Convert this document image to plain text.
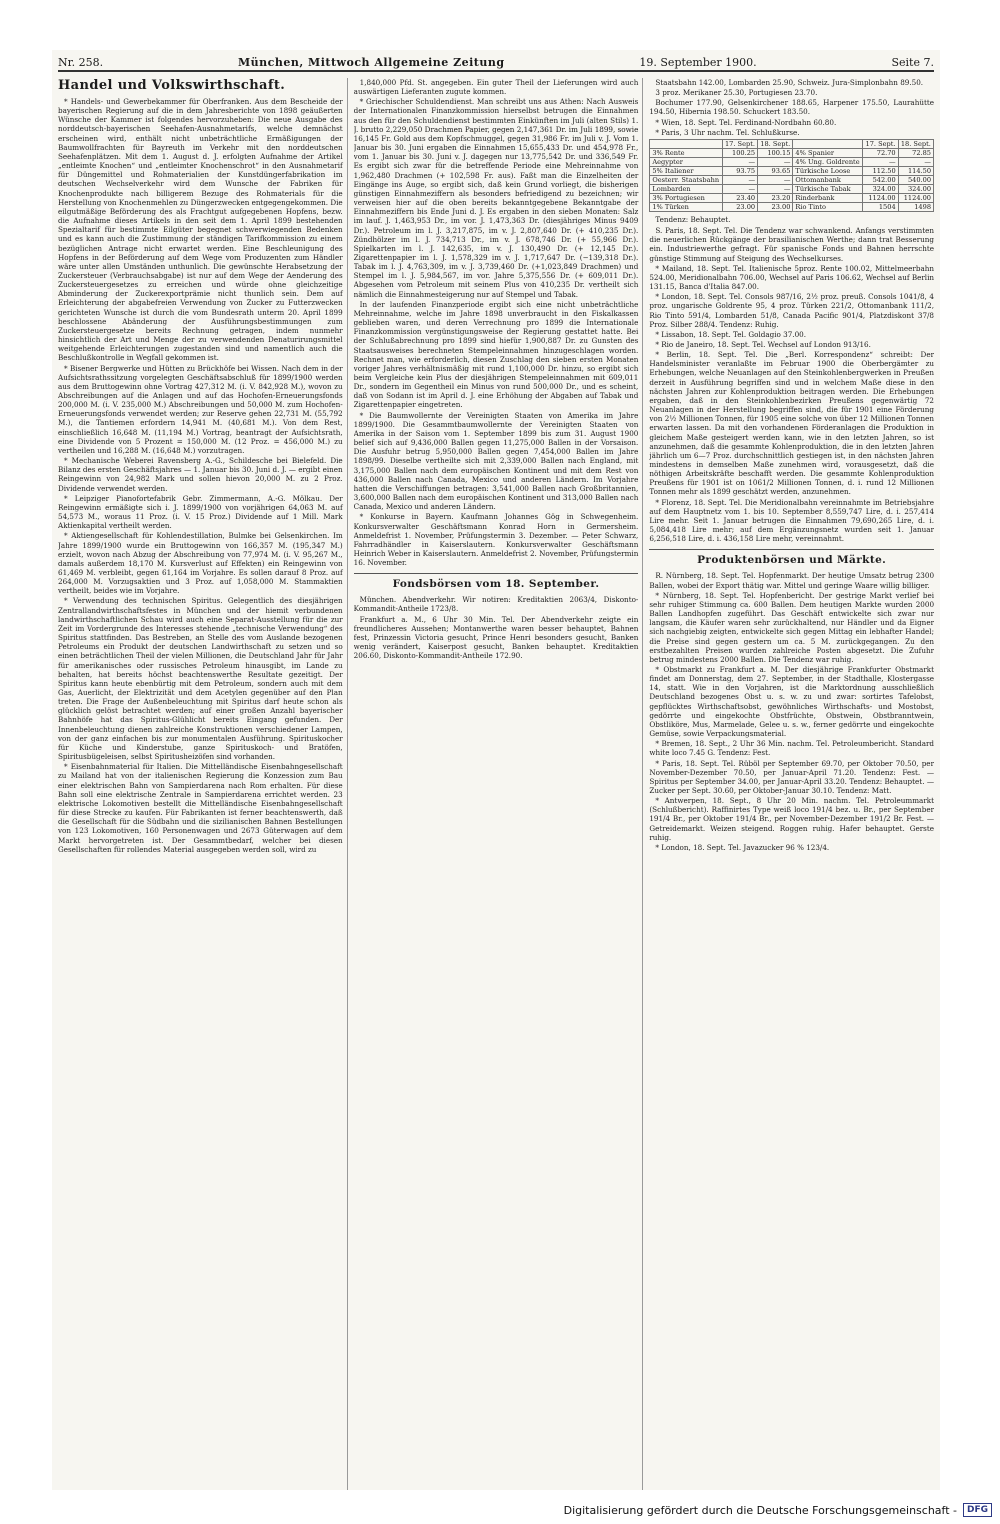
Nr. 258.	München, Mittwoch Allgemeine Zeitung	19. September 1900.	Seite 7.
Handel und Volkswirthschaft.

* Handels- und Gewerbekammer für Oberfranken. Aus dem Bescheide der bayerischen Regierung auf die in dem Jahresberichte von 1898 geäußerten Wünsche der Kammer ist folgendes hervorzuheben: Die neue Ausgabe des norddeutsch-bayerischen Seehafen-Ausnahmetarifs, welche demnächst erscheinen wird, enthält nicht unbeträchtliche Ermäßigungen der Baumwollfrachten für Bayreuth im Verkehr mit den norddeutschen Seehafenplätzen. Mit dem 1. August d. J. erfolgten Aufnahme der Artikel „entleimte Knochen“ und „entleimter Knochenschrot“ in den Ausnahmetarif für Düngemittel und Rohmaterialien der Kunstdüngerfabrikation im deutschen Wechselverkehr wird dem Wunsche der Fabriken für Knochenprodukte nach billigerem Bezuge des Rohmaterials für die Herstellung von Knochenmehlen zu Düngerzwecken entgegengekommen. Die eilgutmäßige Beförderung des als Frachtgut aufgegebenen Hopfens, bezw. die Aufnahme dieses Artikels in den seit dem 1. April 1899 bestehenden Spezialtarif für bestimmte Eilgüter begegnet schwerwiegenden Bedenken und es kann auch die Zustimmung der ständigen Tarifkommission zu einem bezüglichen Antrage nicht erwartet werden. Eine Beschleunigung des Hopfens in der Beförderung auf dem Wege vom Produzenten zum Händler wäre unter allen Umständen unthunlich. Die gewünschte Herabsetzung der Zuckersteuer (Verbrauchsabgabe) ist nur auf dem Wege der Aenderung des Zuckersteuergesetzes zu erreichen und würde ohne gleichzeitige Abminderung der Zuckerexportprämie nicht thunlich sein. Dem auf Erleichterung der abgabefreien Verwendung von Zucker zu Futterzwecken gerichteten Wunsche ist durch die vom Bundesrath unterm 20. April 1899 beschlossene Abänderung der Ausführungsbestimmungen zum Zuckersteuergesetze bereits Rechnung getragen, indem nunmehr hinsichtlich der Art und Menge der zu verwendenden Denaturirungsmittel weitgehende Erleichterungen zugestanden sind und namentlich auch die Beschlußkontrolle in Wegfall gekommen ist.

* Bisener Bergwerke und Hütten zu Brückhöfe bei Wissen. Nach dem in der Aufsichtsrathssitzung vorgelegten Geschäftsabschluß für 1899/1900 werden aus dem Bruttogewinn ohne Vortrag 427,312 M. (i. V. 842,928 M.), wovon zu Abschreibungen auf die Anlagen und auf das Hochofen-Erneuerungsfonds 200,000 M. (i. V. 235,000 M.) Abschreibungen und 50,000 M. zum Hochofen-Erneuerungsfonds verwendet werden; zur Reserve gehen 22,731 M. (55,792 M.), die Tantiemen erfordern 14,941 M. (40,681 M.). Von dem Rest, einschließlich 16,648 M. (11,194 M.) Vortrag, beantragt der Aufsichtsrath, eine Dividende von 5 Prozent = 150,000 M. (12 Proz. = 456,000 M.) zu vertheilen und 16,288 M. (16,648 M.) vorzutragen.

* Mechanische Weberei Ravensberg A.-G., Schildesche bei Bielefeld. Die Bilanz des ersten Geschäftsjahres — 1. Januar bis 30. Juni d. J. — ergibt einen Reingewinn von 24,982 Mark und sollen hievon 20,000 M. zu 2 Proz. Dividende verwendet werden.

* Leipziger Pianofortefabrik Gebr. Zimmermann, A.-G. Mölkau. Der Reingewinn ermäßigte sich i. J. 1899/1900 von vorjährigen 64,063 M. auf 54,573 M., woraus 11 Proz. (i. V. 15 Proz.) Dividende auf 1 Mill. Mark Aktienkapital vertheilt werden.

* Aktiengesellschaft für Kohlendestillation, Bulmke bei Gelsenkirchen. Im Jahre 1899/1900 wurde ein Bruttogewinn von 166,357 M. (195,347 M.) erzielt, wovon nach Abzug der Abschreibung von 77,974 M. (i. V. 95,267 M., damals außerdem 18,170 M. Kursverlust auf Effekten) ein Reingewinn von 61,469 M. verbleibt, gegen 61,164 im Vorjahre. Es sollen darauf 8 Proz. auf 264,000 M. Vorzugsaktien und 3 Proz. auf 1,058,000 M. Stammaktien vertheilt, beides wie im Vorjahre.

* Verwendung des technischen Spiritus. Gelegentlich des diesjährigen Zentrallandwirthschaftsfestes in München und der hiemit verbundenen landwirthschaftlichen Schau wird auch eine Separat-Ausstellung für die zur Zeit im Vordergrunde des Interesses stehende „technische Verwendung“ des Spiritus stattfinden. Das Bestreben, an Stelle des vom Auslande bezogenen Petroleums ein Produkt der deutschen Landwirthschaft zu setzen und so einen beträchtlichen Theil der vielen Millionen, die Deutschland Jahr für Jahr für amerikanisches oder russisches Petroleum hinausgibt, im Lande zu behalten, hat bereits höchst beachtenswerthe Resultate gezeitigt. Der Spiritus kann heute ebenbürtig mit dem Petroleum, sondern auch mit dem Gas, Auerlicht, der Elektrizität und dem Acetylen gegenüber auf den Plan treten. Die Frage der Außenbeleuchtung mit Spiritus darf heute schon als glücklich gelöst betrachtet werden; auf einer großen Anzahl bayerischer Bahnhöfe hat das Spiritus-Glühlicht bereits Eingang gefunden. Der Innenbeleuchtung dienen zahlreiche Konstruktionen verschiedener Lampen, von der ganz einfachen bis zur monumentalen Ausführung. Spirituskocher für Küche und Kinderstube, ganze Spirituskoch- und Bratöfen, Spiritusbügeleisen, selbst Spiritusheizöfen sind vorhanden.

* Eisenbahnmaterial für Italien. Die Mittelländische Eisenbahngesellschaft zu Mailand hat von der italienischen Regierung die Konzession zum Bau einer elektrischen Bahn von Sampierdarena nach Rom erhalten. Für diese Bahn soll eine elektrische Zentrale in Sampierdarena errichtet werden. 23 elektrische Lokomotiven bestellt die Mittelländische Eisenbahngesellschaft für diese Strecke zu kaufen. Für Fabrikanten ist ferner beachtenswerth, daß die Gesellschaft für die Südbahn und die sizilianischen Bahnen Bestellungen von 123 Lokomotiven, 160 Personenwagen und 2673 Güterwagen auf dem Markt hervorgetreten ist. Der Gesammtbedarf, welcher bei diesen Gesellschaften für rollendes Material ausgegeben werden soll, wird zu

1,840,000 Pfd. St. angegeben. Ein guter Theil der Lieferungen wird auch auswärtigen Lieferanten zugute kommen.

* Griechischer Schuldendienst. Man schreibt uns aus Athen: Nach Ausweis der Internationalen Finanzkommission hierselbst betrugen die Einnahmen aus den für den Schuldendienst bestimmten Einkünften im Juli (alten Stils) 1. J. brutto 2,229,050 Drachmen Papier, gegen 2,147,361 Dr. im Juli 1899, sowie 16,145 Fr. Gold aus dem Kopfschmuggel, gegen 31,986 Fr. im Juli v. J. Vom 1. Januar bis 30. Juni ergaben die Einnahmen 15,655,433 Dr. und 454,978 Fr., vom 1. Januar bis 30. Juni v. J. dagegen nur 13,775,542 Dr. und 336,549 Fr. Es ergibt sich zwar für die betreffende Periode eine Mehreinnahme von 1,962,480 Drachmen (+ 102,598 Fr. aus). Faßt man die Einzelheiten der Eingänge ins Auge, so ergibt sich, daß kein Grund vorliegt, die bisherigen günstigen Einnahmeziffern als besonders befriedigend zu bezeichnen; wir verweisen hier auf die oben bereits bekanntgegebene Bekanntgabe der Einnahmeziffern bis Ende Juni d. J. Es ergaben in den sieben Monaten: Salz im lauf. J. 1,463,953 Dr., im vor. J. 1,473,363 Dr. (diesjähriges Minus 9409 Dr.). Petroleum im l. J. 3,217,875, im v. J. 2,807,640 Dr. (+ 410,235 Dr.). Zündhölzer im l. J. 734,713 Dr., im v. J. 678,746 Dr. (+ 55,966 Dr.). Spielkarten im l. J. 142,635, im v. J. 130,490 Dr. (+ 12,145 Dr.). Zigarettenpapier im l. J. 1,578,329 im v. J. 1,717,647 Dr. (−139,318 Dr.). Tabak im l. J. 4,763,309, im v. J. 3,739,460 Dr. (+1,023,849 Drachmen) und Stempel im l. J. 5,984,567, im vor. Jahre 5,375,556 Dr. (+ 609,011 Dr.). Abgesehen vom Petroleum mit seinem Plus von 410,235 Dr. vertheilt sich nämlich die Einnahmesteigerung nur auf Stempel und Tabak.

In der laufenden Finanzperiode ergibt sich eine nicht unbeträchtliche Mehreinnahme, welche im Jahre 1898 unverbraucht in den Fiskalkassen geblieben waren, und deren Verrechnung pro 1899 die Internationale Finanzkommission vergünstigungsweise der Regierung gestattet hatte. Bei der Schlußabrechnung pro 1899 sind hiefür 1,900,887 Dr. zu Gunsten des Staatsausweises berechneten Stempeleinnahmen hinzugeschlagen worden. Rechnet man, wie erforderlich, diesen Zuschlag den sieben ersten Monaten voriger Jahres verhältnismäßig mit rund 1,100,000 Dr. hinzu, so ergibt sich beim Vergleiche kein Plus der diesjährigen Stempeleinnahmen mit 609,011 Dr., sondern im Gegentheil ein Minus von rund 500,000 Dr., und es scheint, daß von Sodann ist im April d. J. eine Erhöhung der Abgaben auf Tabak und Zigarettenpapier eingetreten.

* Die Baumwollernte der Vereinigten Staaten von Amerika im Jahre 1899/1900. Die Gesammtbaumwollernte der Vereinigten Staaten von Amerika in der Saison vom 1. September 1899 bis zum 31. August 1900 belief sich auf 9,436,000 Ballen gegen 11,275,000 Ballen in der Vorsaison. Die Ausfuhr betrug 5,950,000 Ballen gegen 7,454,000 Ballen im Jahre 1898/99. Dieselbe vertheilte sich mit 2,339,000 Ballen nach England, mit 3,175,000 Ballen nach dem europäischen Kontinent und mit dem Rest von 436,000 Ballen nach Canada, Mexico und anderen Ländern. Im Vorjahre hatten die Verschiffungen betragen: 3,541,000 Ballen nach Großbritannien, 3,600,000 Ballen nach dem europäischen Kontinent und 313,000 Ballen nach Canada, Mexico und anderen Ländern.

* Konkurse in Bayern. Kaufmann Johannes Gög in Schwegenheim. Konkursverwalter Geschäftsmann Konrad Horn in Germersheim. Anmeldefrist 1. November, Prüfungstermin 3. Dezember. — Peter Schwarz, Fahrradhändler in Kaiserslautern. Konkursverwalter Geschäftsmann Heinrich Weber in Kaiserslautern. Anmeldefrist 2. November, Prüfungstermin 16. November.

Fondsbörsen vom 18. September.

München. Abendverkehr. Wir notiren: Kreditaktien 2063/4, Diskonto-Kommandit-Antheile 1723/8.

Frankfurt a. M., 6 Uhr 30 Min. Tel. Der Abendverkehr zeigte ein freundlicheres Aussehen; Montanwerthe waren besser behauptet, Bahnen fest, Prinzessin Victoria gesucht, Prince Henri besonders gesucht, Banken wenig verändert, Kaiserpost gesucht, Banken behauptet. Kreditaktien 206.60, Diskonto-Kommandit-Antheile 172.90.

Staatsbahn 142.00, Lombarden 25.90, Schweiz. Jura-Simplonbahn 89.50.

3 proz. Merikaner 25.30, Portugiesen 23.70.

Bochumer 177.90, Gelsenkirchener 188.65, Harpener 175.50, Laurahütte 194.50, Hibernia 198.50. Schuckert 183.50.

* Wien, 18. Sept. Tel. Ferdinand-Nordbahn 60.80.

* Paris, 3 Uhr nachm. Tel. Schlußkurse.

	17. Sept.	18. Sept.		17. Sept.	18. Sept.
3% Rente	100.25	100.15	4% Spanier	72.70	72.85
Aegypter	—	—	4% Ung. Goldrente	—	—
5% Italiener	93.75	93.65	Türkische Loose	112.50	114.50
Oesterr. Staatsbahn	—	—	Ottomanbank	542.00	540.00
Lombarden	—	—	Türkische Tabak	324.00	324.00
3% Portugiesen	23.40	23.20	Rinderbank	1124.00	1124.00
1% Türken	23.00	23.00	Rio Tinto	1504	1498

Tendenz: Behauptet.

S. Paris, 18. Sept. Tel. Die Tendenz war schwankend. Anfangs verstimmten die neuerlichen Rückgänge der brasilianischen Werthe; dann trat Besserung ein. Industriewerthe gefragt. Für spanische Fonds und Bahnen herrschte günstige Stimmung auf Steigung des Wechselkurses.

* Mailand, 18. Sept. Tel. Italienische 5proz. Rente 100.02, Mittelmeerbahn 524.00, Meridionalbahn 706.00, Wechsel auf Paris 106.62, Wechsel auf Berlin 131.15, Banca d'Italia 847.00.

* London, 18. Sept. Tel. Consols 987/16, 2½ proz. preuß. Consols 1041/8, 4 proz. ungarische Goldrente 95, 4 proz. Türken 221/2, Ottomanbank 111/2, Rio Tinto 591/4, Lombarden 51/8, Canada Pacific 901/4, Platzdiskont 37/8 Proz. Silber 288/4. Tendenz: Ruhig.

* Lissabon, 18. Sept. Tel. Goldagio 37.00.

* Rio de Janeiro, 18. Sept. Tel. Wechsel auf London 913/16.

* Berlin, 18. Sept. Tel. Die „Berl. Korrespondenz“ schreibt: Der Handelsminister veranlaßte im Februar 1900 die Oberbergämter zu Erhebungen, welche Neuanlagen auf den Steinkohlenbergwerken in Preußen derzeit in Ausführung begriffen sind und in welchem Maße diese in den nächsten Jahren zur Kohlenproduktion beitragen werden. Die Erhebungen ergaben, daß in den Steinkohlenbezirken Preußens gegenwärtig 72 Neuanlagen in der Herstellung begriffen sind, die für 1901 eine Förderung von 2½ Millionen Tonnen, für 1905 eine solche von über 12 Millionen Tonnen erwarten lassen. Da mit den vorhandenen Förderanlagen die Produktion in gleichem Maße gesteigert werden kann, wie in den letzten Jahren, so ist anzunehmen, daß die gesammte Kohlenproduktion, die in den letzten Jahren jährlich um 6—7 Proz. durchschnittlich gestiegen ist, in den nächsten Jahren mindestens in demselben Maße zunehmen wird, vorausgesetzt, daß die nöthigen Arbeitskräfte beschafft werden. Die gesammte Kohlenproduktion Preußens für 1901 ist on 1061/2 Millionen Tonnen, d. i. rund 12 Millionen Tonnen mehr als 1899 geschätzt werden, anzunehmen.

* Florenz, 18. Sept. Tel. Die Meridionalbahn vereinnahmte im Betriebsjahre auf dem Hauptnetz vom 1. bis 10. September 8,559,747 Lire, d. i. 257,414 Lire mehr. Seit 1. Januar betrugen die Einnahmen 79,690,265 Lire, d. i. 5,084,418 Lire mehr; auf dem Ergänzungsnetz wurden seit 1. Januar 6,256,518 Lire, d. i. 436,158 Lire mehr, vereinnahmt.

Produktenbörsen und Märkte.

R. Nürnberg, 18. Sept. Tel. Hopfenmarkt. Der heutige Umsatz betrug 2300 Ballen, wobei der Export thätig war. Mittel und geringe Waare willig billiger.

* Nürnberg, 18. Sept. Tel. Hopfenbericht. Der gestrige Markt verlief bei sehr ruhiger Stimmung ca. 600 Ballen. Dem heutigen Markte wurden 2000 Ballen Landhopfen zugeführt. Das Geschäft entwickelte sich zwar nur langsam, die Käufer waren sehr zurückhaltend, nur Händler und da Eigner sich nachgiebig zeigten, entwickelte sich gegen Mittag ein lebhafter Handel; die Preise sind gegen gestern um ca. 5 M. zurückgegangen. Zu den erstbezahlten Preisen wurden zahlreiche Posten abgesetzt. Die Zufuhr betrug mindestens 2000 Ballen. Die Tendenz war ruhig.

* Obstmarkt zu Frankfurt a. M. Der diesjährige Frankfurter Obstmarkt findet am Donnerstag, dem 27. September, in der Stadthalle, Klostergasse 14, statt. Wie in den Vorjahren, ist die Marktordnung ausschließlich Deutschland bezogenes Obst u. s. w. zu und zwar: sortirtes Tafelobst, gepflücktes Wirthschaftsobst, gewöhnliches Wirthschafts- und Mostobst, gedörrte und eingekochte Obstfrüchte, Obstwein, Obstbranntwein, Obstliköre, Mus, Marmelade, Gelee u. s. w., ferner gedörrte und eingekochte Gemüse, sowie Verpackungsmaterial.

* Bremen, 18. Sept., 2 Uhr 36 Min. nachm. Tel. Petroleumbericht. Standard white loco 7.45 G. Tendenz: Fest.

* Paris, 18. Sept. Tel. Rüböl per September 69.70, per Oktober 70.50, per November-Dezember 70.50, per Januar-April 71.20. Tendenz: Fest. — Spiritus per September 34.00, per Januar-April 33.20. Tendenz: Behauptet. — Zucker per Sept. 30.60, per Oktober-Januar 30.10. Tendenz: Matt.

* Antwerpen, 18. Sept., 8 Uhr 20 Min. nachm. Tel. Petroleummarkt (Schlußbericht). Raffinirtes Type weiß loco 191/4 bez. u. Br., per September 191/4 Br., per Oktober 191/4 Br., per November-Dezember 191/2 Br. Fest. — Getreidemarkt. Weizen steigend. Roggen ruhig. Hafer behauptet. Gerste ruhig.

* London, 18. Sept. Tel. Javazucker 96 % 123/4.

Digitalisierung gefördert durch die Deutsche Forschungsgemeinschaft -	DFG
